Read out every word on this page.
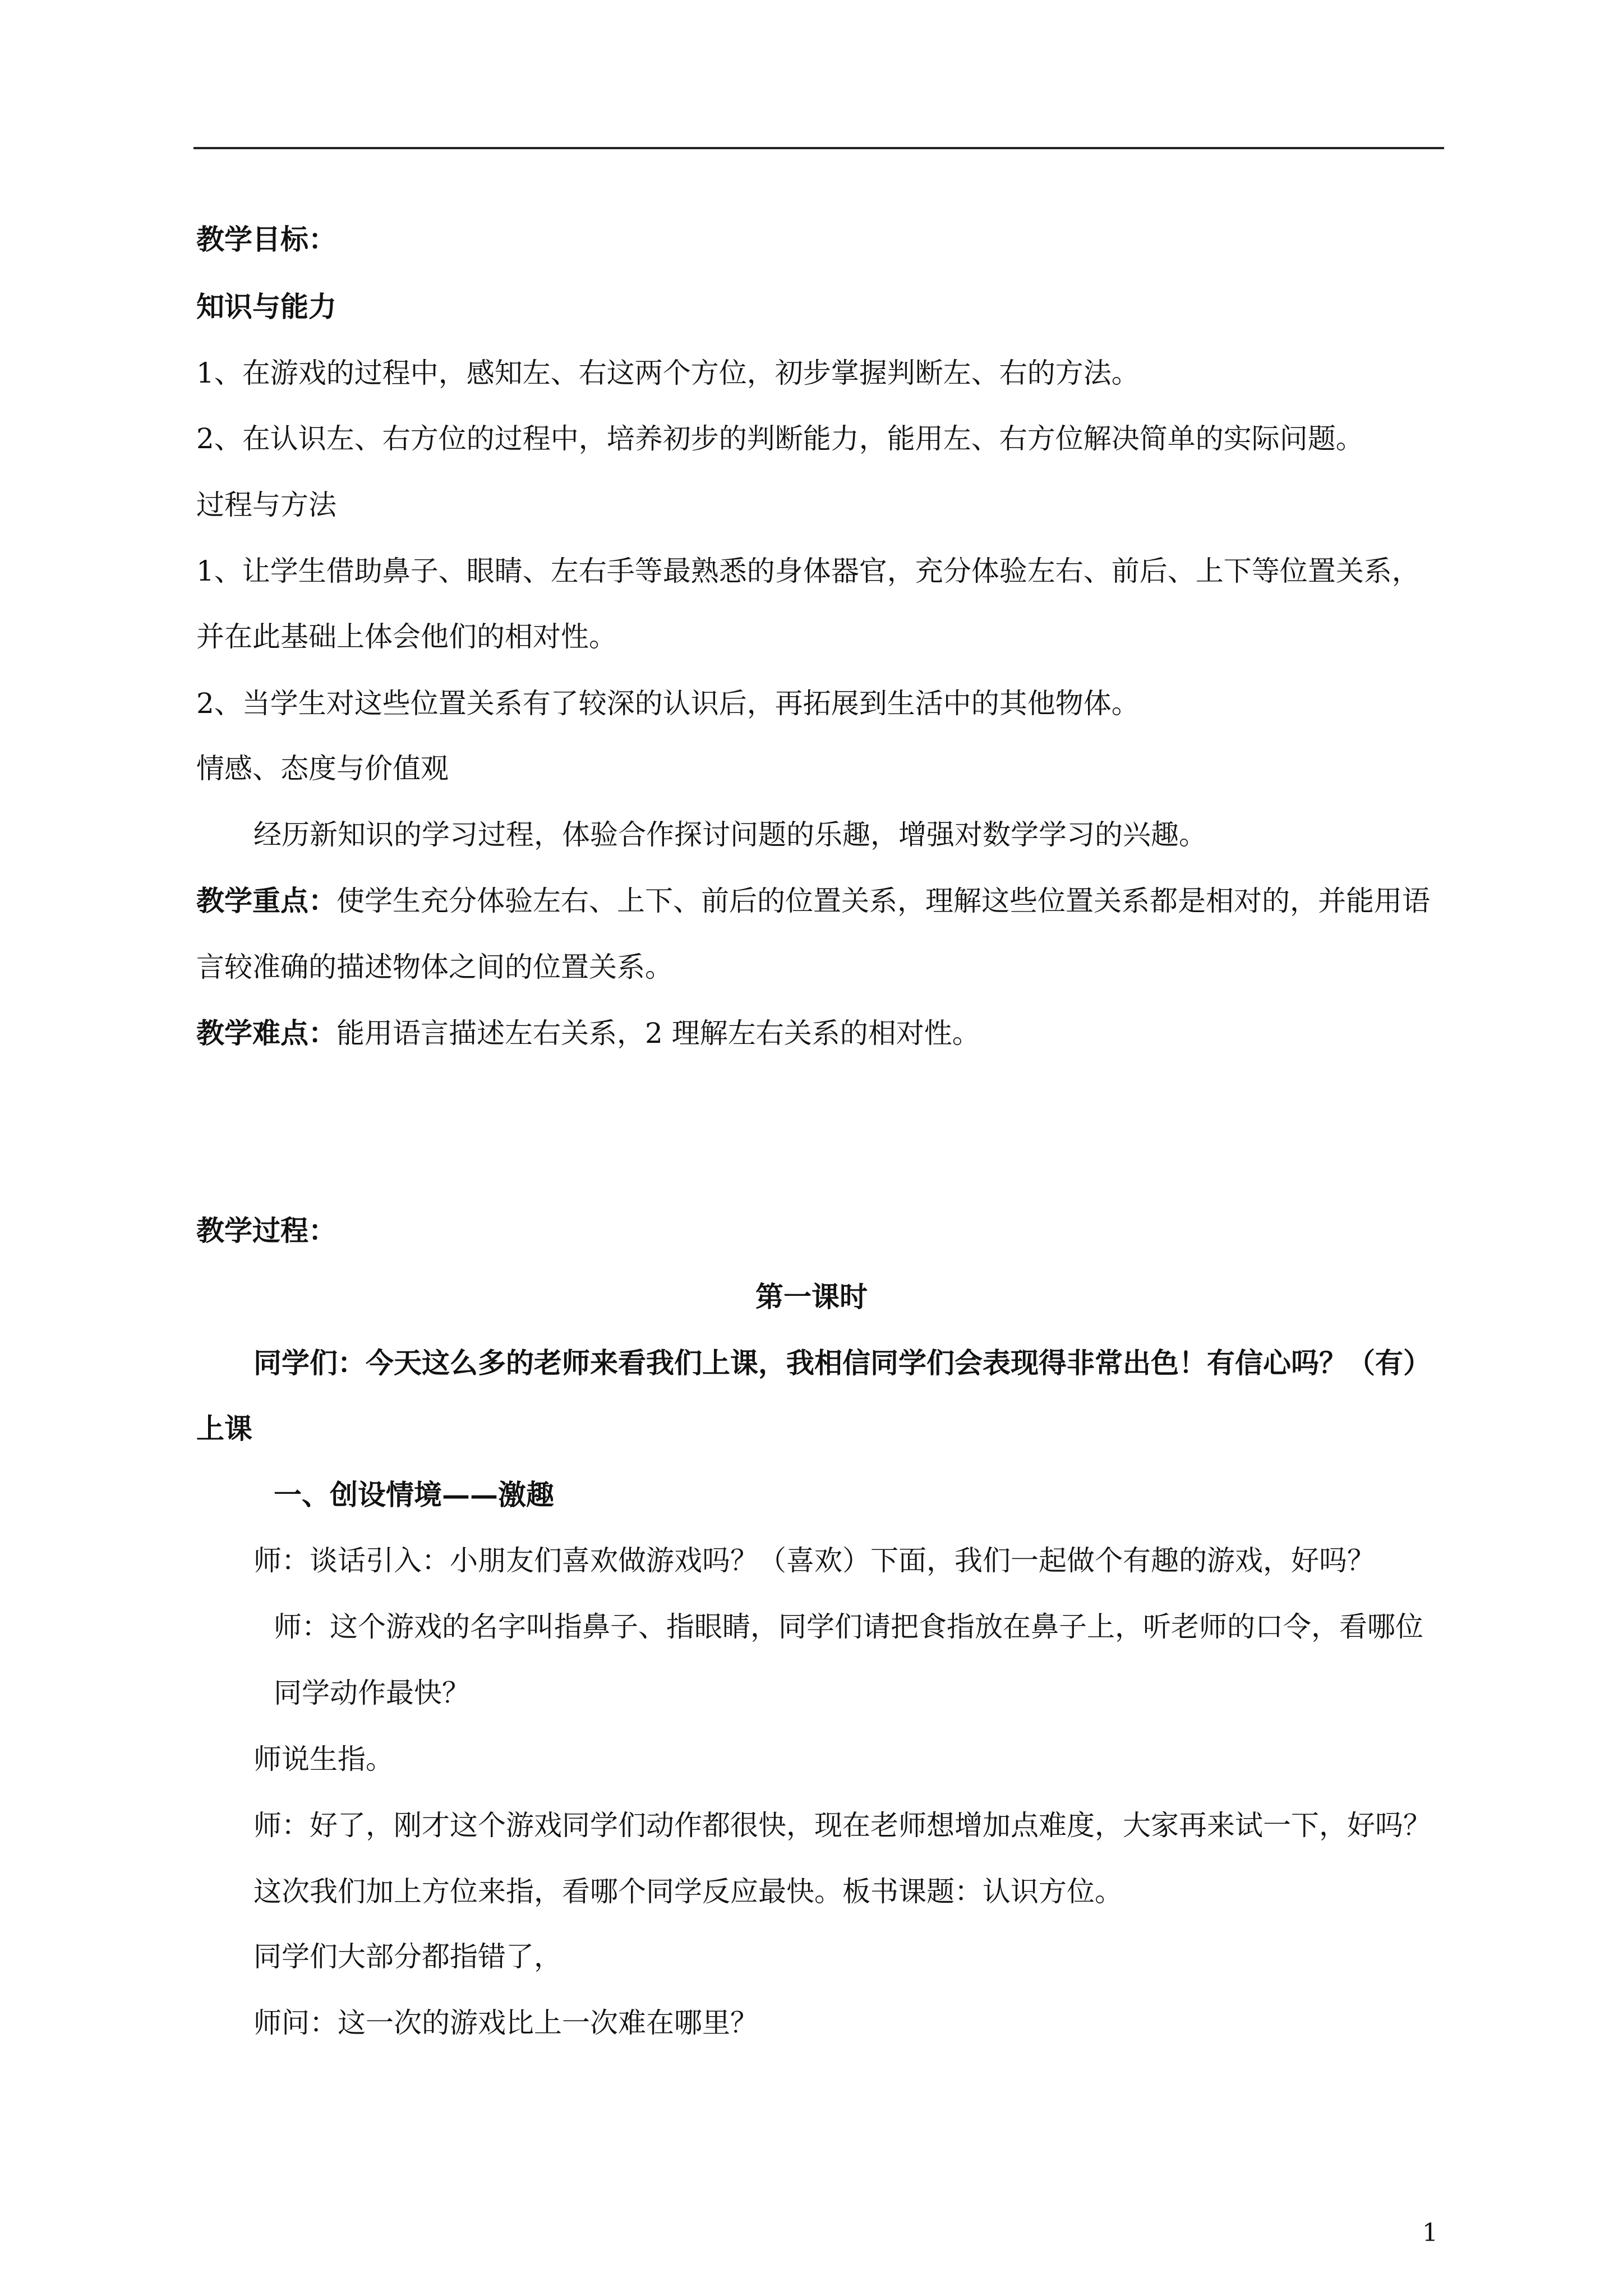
教学目标：
知识与能力
1、在游戏的过程中，感知左、右这两个方位，初步掌握判断左、右的方法。
2、在认识左、右方位的过程中，培养初步的判断能力，能用左、右方位解决简单的实际问题。
过程与方法
1、让学生借助鼻子、眼睛、左右手等最熟悉的身体器官，充分体验左右、前后、上下等位置关系，
并在此基础上体会他们的相对性。
2、当学生对这些位置关系有了较深的认识后，再拓展到生活中的其他物体。
情感、态度与价值观
经历新知识的学习过程，体验合作探讨问题的乐趣，增强对数学学习的兴趣。
教学重点：使学生充分体验左右、上下、前后的位置关系，理解这些位置关系都是相对的，并能用语
言较准确的描述物体之间的位置关系。
教学难点：能用语言描述左右关系，2 理解左右关系的相对性。
教学过程：
第一课时
同学们：今天这么多的老师来看我们上课，我相信同学们会表现得非常出色！有信心吗？（有）
上课
一、创设情境——激趣
师：谈话引入：小朋友们喜欢做游戏吗？（喜欢）下面，我们一起做个有趣的游戏，好吗？
师：这个游戏的名字叫指鼻子、指眼睛，同学们请把食指放在鼻子上，听老师的口令，看哪位
同学动作最快？
师说生指。
师：好了，刚才这个游戏同学们动作都很快，现在老师想增加点难度，大家再来试一下，好吗？
这次我们加上方位来指，看哪个同学反应最快。板书课题：认识方位。
同学们大部分都指错了，
师问：这一次的游戏比上一次难在哪里？
1
